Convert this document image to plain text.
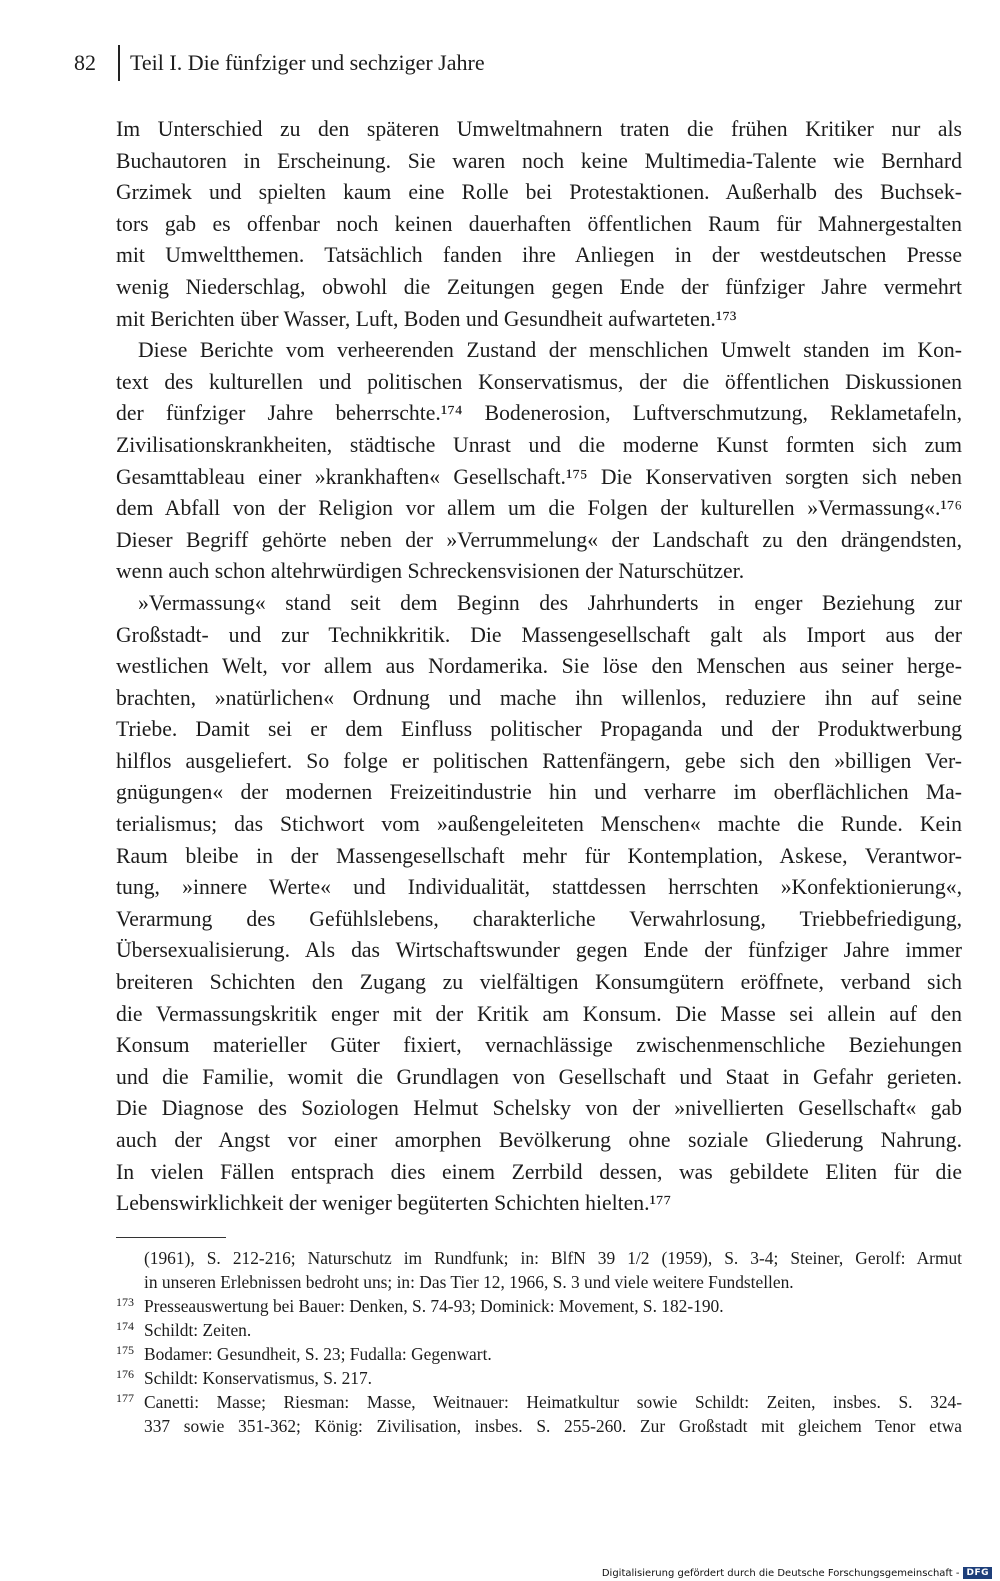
82	Teil I. Die fünfziger und sechziger Jahre
Im Unterschied zu den späteren Umweltmahnern traten die frühen Kritiker nur als
Buchautoren in Erscheinung. Sie waren noch keine Multimedia-Talente wie Bernhard
Grzimek und spielten kaum eine Rolle bei Protestaktionen. Außerhalb des Buchsek-
tors gab es offenbar noch keinen dauerhaften öffentlichen Raum für Mahnergestalten
mit Umweltthemen. Tatsächlich fanden ihre Anliegen in der westdeutschen Presse
wenig Niederschlag, obwohl die Zeitungen gegen Ende der fünfziger Jahre vermehrt
mit Berichten über Wasser, Luft, Boden und Gesundheit aufwarteten.¹⁷³
Diese Berichte vom verheerenden Zustand der menschlichen Umwelt standen im Kon-
text des kulturellen und politischen Konservatismus, der die öffentlichen Diskussionen
der fünfziger Jahre beherrschte.¹⁷⁴ Bodenerosion, Luftverschmutzung, Reklametafeln,
Zivilisationskrankheiten, städtische Unrast und die moderne Kunst formten sich zum
Gesamttableau einer »krankhaften« Gesellschaft.¹⁷⁵ Die Konservativen sorgten sich neben
dem Abfall von der Religion vor allem um die Folgen der kulturellen »Vermassung«.¹⁷⁶
Dieser Begriff gehörte neben der »Verrummelung« der Landschaft zu den drängendsten,
wenn auch schon altehrwürdigen Schreckensvisionen der Naturschützer.
»Vermassung« stand seit dem Beginn des Jahrhunderts in enger Beziehung zur
Großstadt- und zur Technikkritik. Die Massengesellschaft galt als Import aus der
westlichen Welt, vor allem aus Nordamerika. Sie löse den Menschen aus seiner herge-
brachten, »natürlichen« Ordnung und mache ihn willenlos, reduziere ihn auf seine
Triebe. Damit sei er dem Einfluss politischer Propaganda und der Produktwerbung
hilflos ausgeliefert. So folge er politischen Rattenfängern, gebe sich den »billigen Ver-
gnügungen« der modernen Freizeitindustrie hin und verharre im oberflächlichen Ma-
terialismus; das Stichwort vom »außengeleiteten Menschen« machte die Runde. Kein
Raum bleibe in der Massengesellschaft mehr für Kontemplation, Askese, Verantwor-
tung, »innere Werte« und Individualität, stattdessen herrschten »Konfektionierung«,
Verarmung des Gefühlslebens, charakterliche Verwahrlosung, Triebbefriedigung,
Übersexualisierung. Als das Wirtschaftswunder gegen Ende der fünfziger Jahre immer
breiteren Schichten den Zugang zu vielfältigen Konsumgütern eröffnete, verband sich
die Vermassungskritik enger mit der Kritik am Konsum. Die Masse sei allein auf den
Konsum materieller Güter fixiert, vernachlässige zwischenmenschliche Beziehungen
und die Familie, womit die Grundlagen von Gesellschaft und Staat in Gefahr gerieten.
Die Diagnose des Soziologen Helmut Schelsky von der »nivellierten Gesellschaft« gab
auch der Angst vor einer amorphen Bevölkerung ohne soziale Gliederung Nahrung.
In vielen Fällen entsprach dies einem Zerrbild dessen, was gebildete Eliten für die
Lebenswirklichkeit der weniger begüterten Schichten hielten.¹⁷⁷
(1961), S. 212-216; Naturschutz im Rundfunk; in: BlfN 39 1/2 (1959), S. 3-4; Steiner, Gerolf: Armut
in unseren Erlebnissen bedroht uns; in: Das Tier 12, 1966, S. 3 und viele weitere Fundstellen.
173 Presseauswertung bei Bauer: Denken, S. 74-93; Dominick: Movement, S. 182-190.
174 Schildt: Zeiten.
175 Bodamer: Gesundheit, S. 23; Fudalla: Gegenwart.
176 Schildt: Konservatismus, S. 217.
177 Canetti: Masse; Riesman: Masse, Weitnauer: Heimatkultur sowie Schildt: Zeiten, insbes. S. 324-
337 sowie 351-362; König: Zivilisation, insbes. S. 255-260. Zur Großstadt mit gleichem Tenor etwa
Digitalisierung gefördert durch die Deutsche Forschungsgemeinschaft - DFG
